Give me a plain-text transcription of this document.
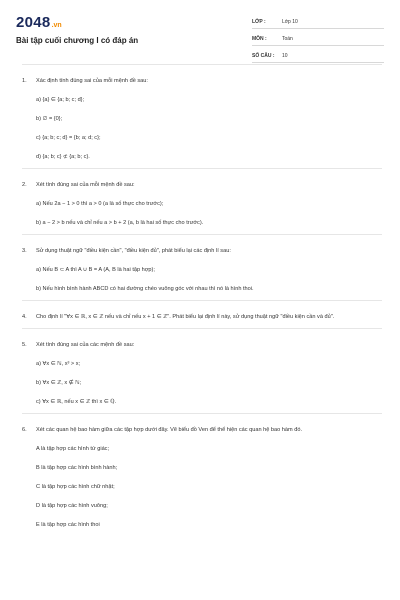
2048 .vn
Bài tập cuối chương I có đáp án
LỚP :	Lớp 10
MÔN :	Toán
SỐ CÂU :	10
1.	Xác định tính đúng sai của mỗi mệnh đề sau:
a) {a} ∈ {a; b; c; d};
b) ∅ = {0};
c) {a; b; c; d} = {b; a; d; c};
d) {a; b; c} ⊄ {a; b; c}.
2.	Xét tính đúng sai của mỗi mệnh đề sau:
a) Nếu 2a − 1 > 0 thì a > 0 (a là số thực cho trước);
b) a − 2 > b nếu và chỉ nếu a > b + 2 (a, b là hai số thực cho trước).
3.	Sử dụng thuật ngữ "điều kiện cần", "điều kiện đủ", phát biểu lại các định lí sau:
a) Nếu B ⊂ A thì A ∪ B = A (A, B là hai tập hợp);
b) Nếu hình bình hành ABCD có hai đường chéo vuông góc với nhau thì nó là hình thoi.
4.	Cho định lí "∀x ∈ ℝ, x ∈ ℤ nếu và chỉ nếu x + 1 ∈ ℤ". Phát biểu lại định lí này, sử dụng thuật ngữ "điều kiện cần và đủ".
5.	Xét tính đúng sai của các mệnh đề sau:
a) ∀x ∈ ℕ, x³ > x;
b) ∀x ∈ ℤ, x ∉ ℕ;
c) ∀x ∈ ℝ, nếu x ∈ ℤ thì x ∈ ℚ.
6.	Xét các quan hệ bao hàm giữa các tập hợp dưới đây. Vẽ biểu đồ Ven để thể hiện các quan hệ bao hàm đó.
A là tập hợp các hình tứ giác;
B là tập hợp các hình bình hành;
C là tập hợp các hình chữ nhật;
D là tập hợp các hình vuông;
E là tập hợp các hình thoi
